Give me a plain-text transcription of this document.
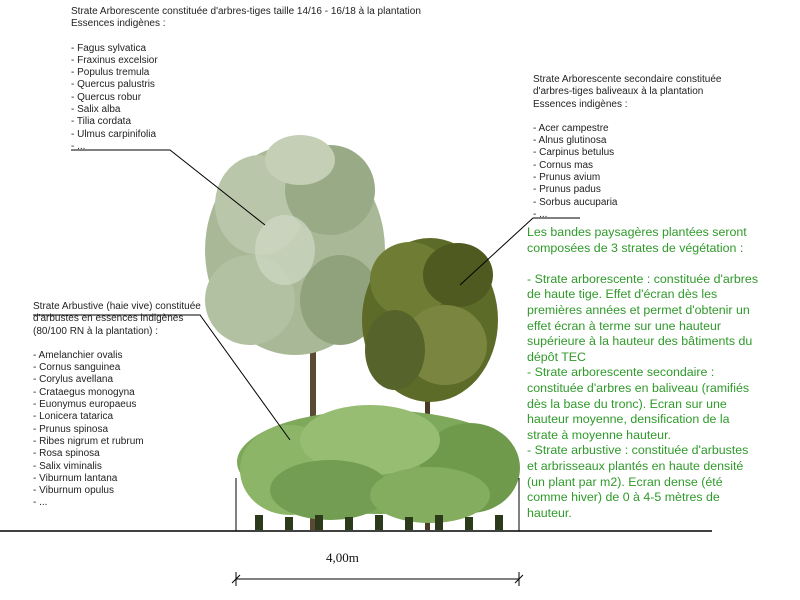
Strate Arborescente constituée d'arbres-tiges taille 14/16 - 16/18 à la plantation
Essences indigènes :
- Fagus sylvatica
- Fraxinus excelsior
- Populus tremula
- Quercus palustris
- Quercus robur
- Salix alba
- Tilia cordata
- Ulmus carpinifolia
- ...
Strate Arborescente secondaire constituée
d'arbres-tiges baliveaux à la plantation
Essences indigènes :
- Acer campestre
- Alnus glutinosa
- Carpinus betulus
- Cornus mas
- Prunus avium
- Prunus padus
- Sorbus aucuparia
- ...
Strate Arbustive (haie vive) constituée
d'arbustes en essences indigènes
(80/100 RN à la plantation) :
- Amelanchier ovalis
- Cornus sanguinea
- Corylus avellana
- Crataegus monogyna
- Euonymus europaeus
- Lonicera tatarica
- Prunus spinosa
- Ribes nigrum et rubrum
- Rosa spinosa
- Salix viminalis
- Viburnum lantana
- Viburnum opulus
- ...

Les bandes paysagères plantées seront

composées de 3 strates de végétation :

- Strate arborescente : constituée d'arbres

de haute tige. Effet d'écran dès les

premières années et permet d'obtenir un

effet écran à terme sur une hauteur

supérieure à la hauteur des bâtiments du

dépôt TEC

- Strate arborescente secondaire :

constituée d'arbres en baliveau (ramifiés

dès la base du tronc). Ecran sur une

hauteur moyenne, densification de la

strate à moyenne hauteur.

- Strate arbustive : constituée d'arbustes

et arbrisseaux plantés en haute densité

(un plant par m2). Ecran dense (été

comme hiver) de 0 à 4-5 mètres de

hauteur.

4,00m
